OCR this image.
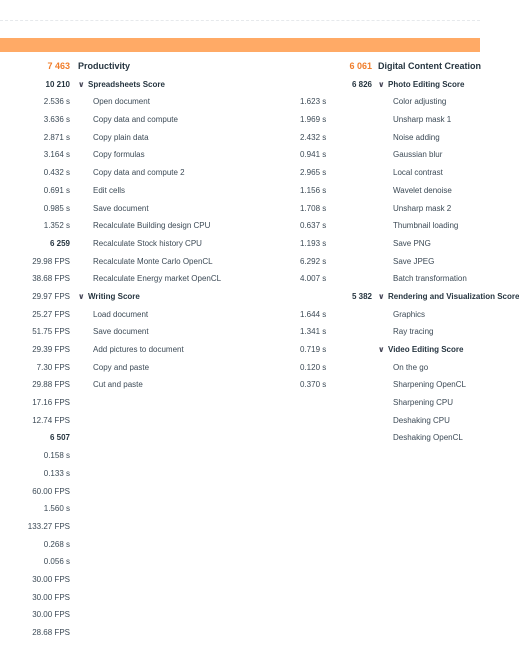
7 463
10 210
2.536 s
3.636 s
2.871 s
3.164 s
0.432 s
0.691 s
0.985 s
1.352 s
6 259
29.98 FPS
38.68 FPS
29.97 FPS
25.27 FPS
51.75 FPS
29.39 FPS
7.30 FPS
29.88 FPS
17.16 FPS
12.74 FPS
6 507
0.158 s
0.133 s
60.00 FPS
1.560 s
133.27 FPS
0.268 s
0.056 s
30.00 FPS
30.00 FPS
30.00 FPS
28.68 FPS
Productivity
∨ Spreadsheets Score
Open document
Copy data and compute
Copy plain data
Copy formulas
Copy data and compute 2
Edit cells
Save document
Recalculate Building design CPU
Recalculate Stock history CPU
Recalculate Monte Carlo OpenCL
Recalculate Energy market OpenCL
∨ Writing Score
Load document
Save document
Add pictures to document
Copy and paste
Cut and paste
6 061
6 826
1.623 s
1.969 s
2.432 s
0.941 s
2.965 s
1.156 s
1.708 s
0.637 s
1.193 s
6.292 s
4.007 s
5 382
1.644 s
1.341 s
0.719 s
0.120 s
0.370 s
Digital Content Creation
∨ Photo Editing Score
Color adjusting
Unsharp mask 1
Noise adding
Gaussian blur
Local contrast
Wavelet denoise
Unsharp mask 2
Thumbnail loading
Save PNG
Save JPEG
Batch transformation
∨ Rendering and Visualization Score
Graphics
Ray tracing
∨ Video Editing Score
On the go
Sharpening OpenCL
Sharpening CPU
Deshaking CPU
Deshaking OpenCL
